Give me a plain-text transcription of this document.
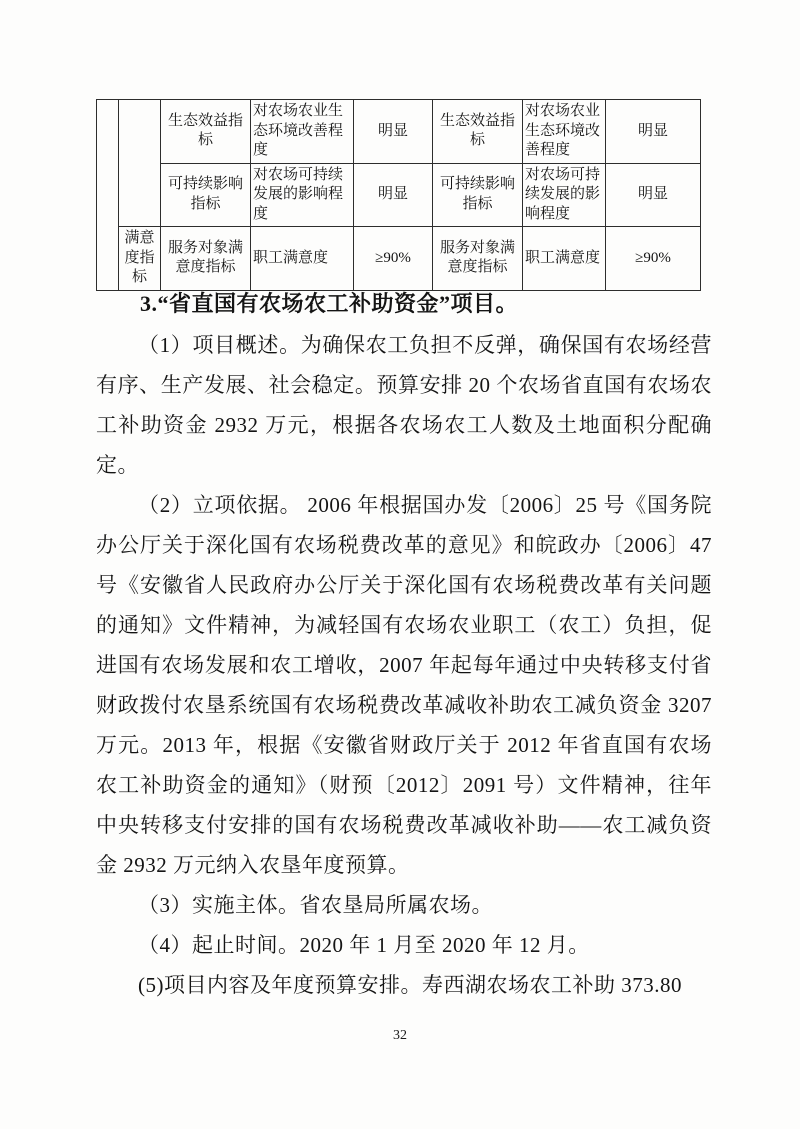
		生态效益指标	对农场农业生态环境改善程度	明显	生态效益指标	对农场农业生态环境改善程度	明显
		可持续影响指标	对农场可持续发展的影响程度	明显	可持续影响指标	对农场可持续发展的影响程度	明显
	满意度指标	服务对象满意度指标	职工满意度	≥90%	服务对象满意度指标	职工满意度	≥90%
3.“省直国有农场农工补助资金”项目。

（1）项目概述。为确保农工负担不反弹，确保国有农场经营有序、生产发展、社会稳定。预算安排 20 个农场省直国有农场农工补助资金 2932 万元，根据各农场农工人数及土地面积分配确定。

（2）立项依据。 2006 年根据国办发〔2006〕25 号《国务院办公厅关于深化国有农场税费改革的意见》和皖政办〔2006〕47 号《安徽省人民政府办公厅关于深化国有农场税费改革有关问题的通知》文件精神，为减轻国有农场农业职工（农工）负担，促进国有农场发展和农工增收，2007 年起每年通过中央转移支付省财政拨付农垦系统国有农场税费改革减收补助农工减负资金 3207 万元。2013 年，根据《安徽省财政厅关于 2012 年省直国有农场农工补助资金的通知》（财预〔2012〕2091 号）文件精神，往年中央转移支付安排的国有农场税费改革减收补助——农工减负资金 2932 万元纳入农垦年度预算。

（3）实施主体。省农垦局所属农场。

（4）起止时间。2020 年 1 月至 2020 年 12 月。

(5)项目内容及年度预算安排。寿西湖农场农工补助 373.80

32
